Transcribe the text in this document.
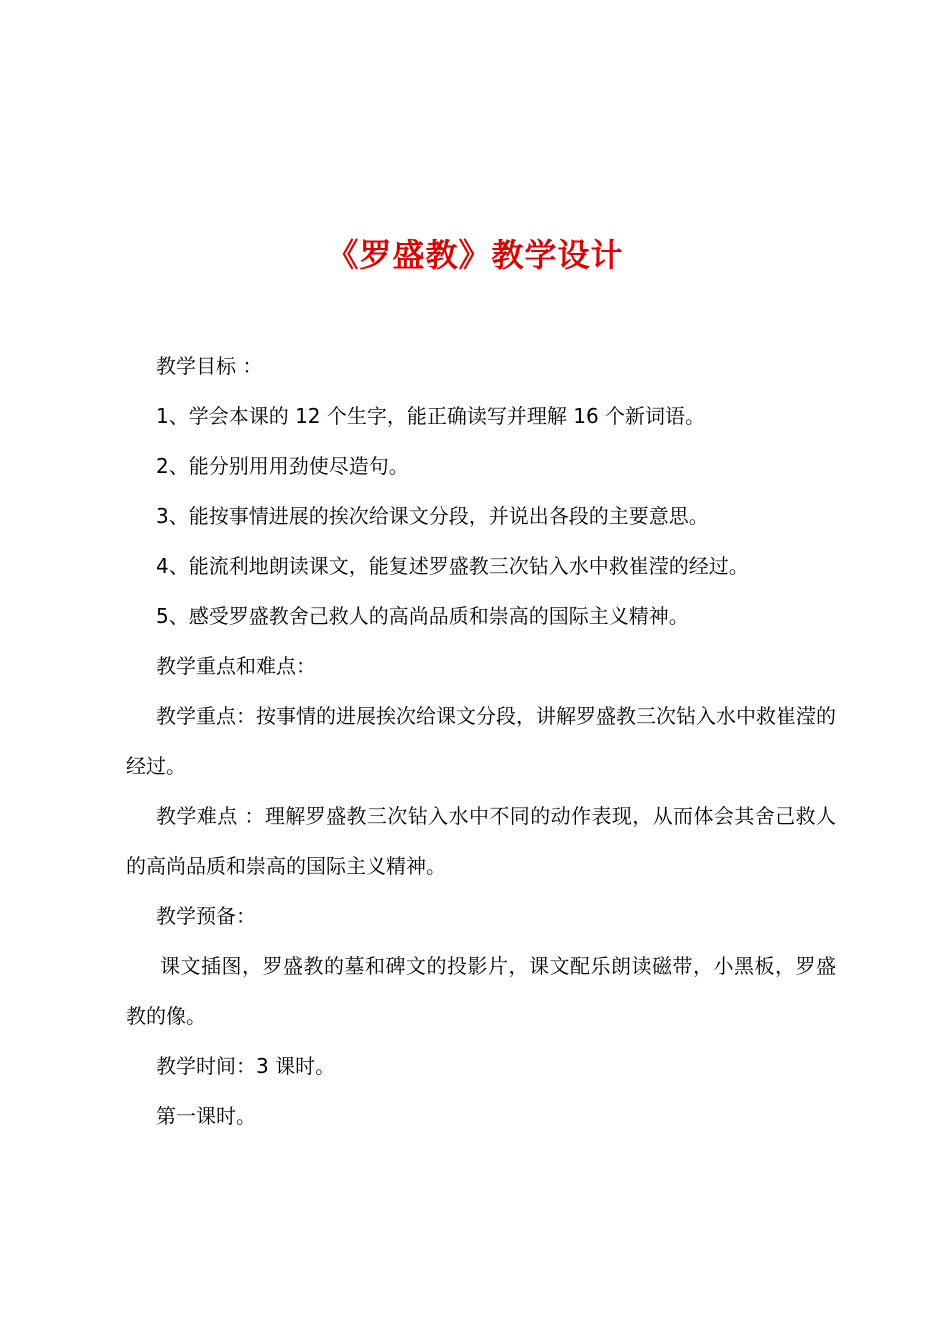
《罗盛教》教学设计

教学目标 ：

1、学会本课的 12 个生字，能正确读写并理解 16 个新词语。

2、能分别用用劲使尽造句。

3、能按事情进展的挨次给课文分段，并说出各段的主要意思。

4、能流利地朗读课文，能复述罗盛教三次钻入水中救崔滢的经过。

5、感受罗盛教舍己救人的高尚品质和崇高的国际主义精神。

教学重点和难点：

教学重点：按事情的进展挨次给课文分段，讲解罗盛教三次钻入水中救崔滢的经过。

教学难点 ：理解罗盛教三次钻入水中不同的动作表现，从而体会其舍己救人的高尚品质和崇高的国际主义精神。

教学预备：

课文插图，罗盛教的墓和碑文的投影片，课文配乐朗读磁带，小黑板，罗盛教的像。

教学时间：3 课时。

第一课时。
